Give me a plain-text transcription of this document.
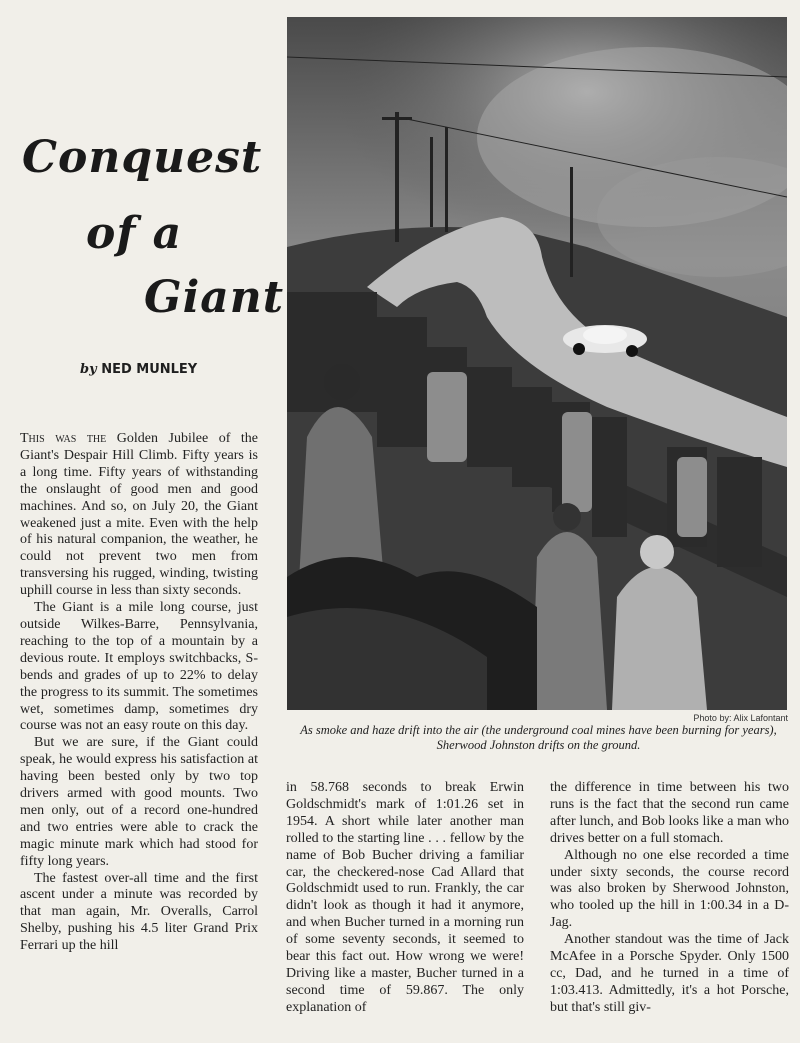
Conquest
of a
Giant
by NED MUNLEY

This was the Golden Jubilee of the Giant's Despair Hill Climb. Fifty years is a long time. Fifty years of withstanding the onslaught of good men and good machines. And so, on July 20, the Giant weakened just a mite. Even with the help of his natural companion, the weather, he could not prevent two men from transversing his rugged, winding, twisting uphill course in less than sixty seconds.

The Giant is a mile long course, just outside Wilkes-Barre, Pennsylvania, reaching to the top of a mountain by a devious route. It employs switchbacks, S-bends and grades of up to 22% to delay the progress to its summit. The sometimes wet, sometimes damp, sometimes dry course was not an easy route on this day.

But we are sure, if the Giant could speak, he would express his satisfaction at having been bested only by two top drivers armed with good mounts. Two men only, out of a record one-hundred and two entries were able to crack the magic minute mark which had stood for fifty long years.

The fastest over-all time and the first ascent under a minute was recorded by that man again, Mr. Overalls, Carrol Shelby, pushing his 4.5 liter Grand Prix Ferrari up the hill

Photo by: Alix Lafontant
As smoke and haze drift into the air (the underground coal mines have been burning for years), Sherwood Johnston drifts on the ground.

in 58.768 seconds to break Erwin Goldschmidt's mark of 1:01.26 set in 1954. A short while later another man rolled to the starting line . . . fellow by the name of Bob Bucher driving a familiar car, the checkered-nose Cad Allard that Goldschmidt used to run. Frankly, the car didn't look as though it had it anymore, and when Bucher turned in a morning run of some seventy seconds, it seemed to bear this fact out. How wrong we were! Driving like a master, Bucher turned in a second time of 59.867. The only explanation of

the difference in time between his two runs is the fact that the second run came after lunch, and Bob looks like a man who drives better on a full stomach.

Although no one else recorded a time under sixty seconds, the course record was also broken by Sherwood Johnston, who tooled up the hill in 1:00.34 in a D-Jag.

Another standout was the time of Jack McAfee in a Porsche Spyder. Only 1500 cc, Dad, and he turned in a time of 1:03.413. Admittedly, it's a hot Porsche, but that's still giv-
